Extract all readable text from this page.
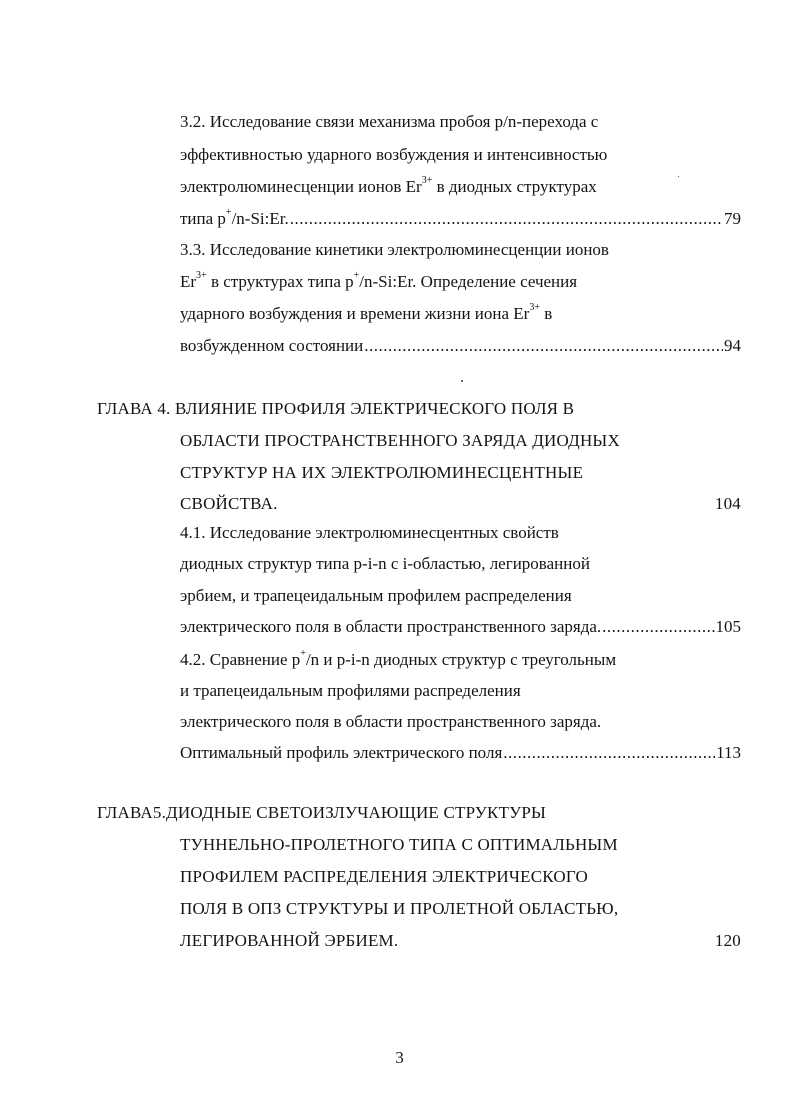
3.2. Исследование связи механизма пробоя p/n-перехода с
эффективностью ударного возбуждения и интенсивностью
электролюминесценции ионов $Er^{3+}$ в диодных структурах
типа p+/n-Si:Er. .....	79
3.3. Исследование кинетики электролюминесценции ионов
$Er^{3+}$ в структурах типа p+/n-Si:Er. Определение сечения
ударного возбуждения и времени жизни иона $Er^{3+}$ в
возбужденном состоянии .....	94
ГЛАВА 4. ВЛИЯНИЕ ПРОФИЛЯ ЭЛЕКТРИЧЕСКОГО ПОЛЯ В
ОБЛАСТИ ПРОСТРАНСТВЕННОГО ЗАРЯДА ДИОДНЫХ
СТРУКТУР НА ИХ ЭЛЕКТРОЛЮМИНЕСЦЕНТНЫЕ
СВОЙСТВА.	104
4.1. Исследование электролюминесцентных свойств
диодных структур типа p-i-n с i-областью, легированной
эрбием, и трапецеидальным профилем распределения
электрического поля в области пространственного заряда. .....	105
4.2. Сравнение p+/n и p-i-n диодных структур с треугольным
и трапецеидальным профилями распределения
электрического поля в области пространственного заряда.
Оптимальный профиль электрического поля .....	113
ГЛАВА5.ДИОДНЫЕ СВЕТОИЗЛУЧАЮЩИЕ СТРУКТУРЫ
ТУННЕЛЬНО-ПРОЛЕТНОГО ТИПА С ОПТИМАЛЬНЫМ
ПРОФИЛЕМ РАСПРЕДЕЛЕНИЯ ЭЛЕКТРИЧЕСКОГО
ПОЛЯ В ОПЗ СТРУКТУРЫ И ПРОЛЕТНОЙ ОБЛАСТЬЮ,
ЛЕГИРОВАННОЙ ЭРБИЕМ.	120
3
